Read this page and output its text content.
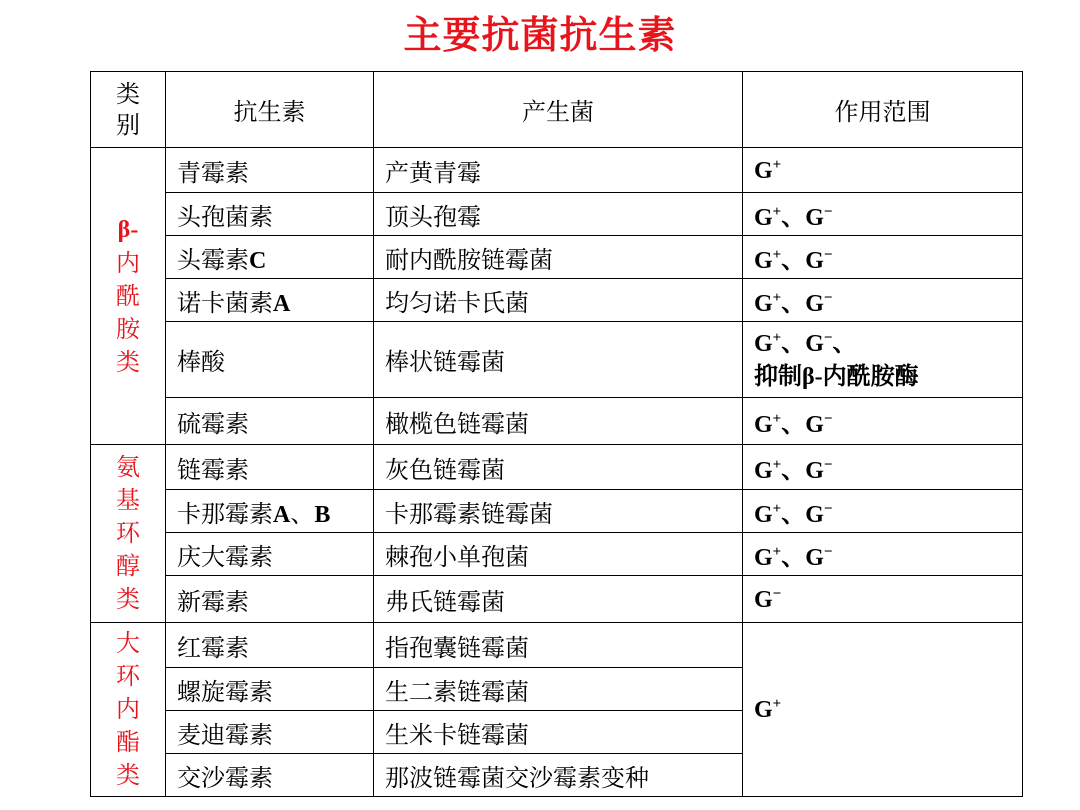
主要抗菌抗生素
类
别	抗生素	产生菌	作用范围

β-
内
酰
胺
类	青霉素	产黄青霉	G+
	头孢菌素	顶头孢霉	G+、G−
	头霉素C	耐内酰胺链霉菌	G+、G−
	诺卡菌素A	均匀诺卡氏菌	G+、G−
	棒酸	棒状链霉菌	G+、G−、
抑制β-内酰胺酶

	硫霉素	橄榄色链霉菌	G+、G−

氨
基
环
醇
类	链霉素	灰色链霉菌	G+、G−
	卡那霉素A、B	卡那霉素链霉菌	G+、G−
	庆大霉素	棘孢小单孢菌	G+、G−
	新霉素	弗氏链霉菌	G−

大
环
内
酯
类	红霉素	指孢囊链霉菌	G+
	螺旋霉素	生二素链霉菌	
	麦迪霉素	生米卡链霉菌	
	交沙霉素	那波链霉菌交沙霉素变种	
